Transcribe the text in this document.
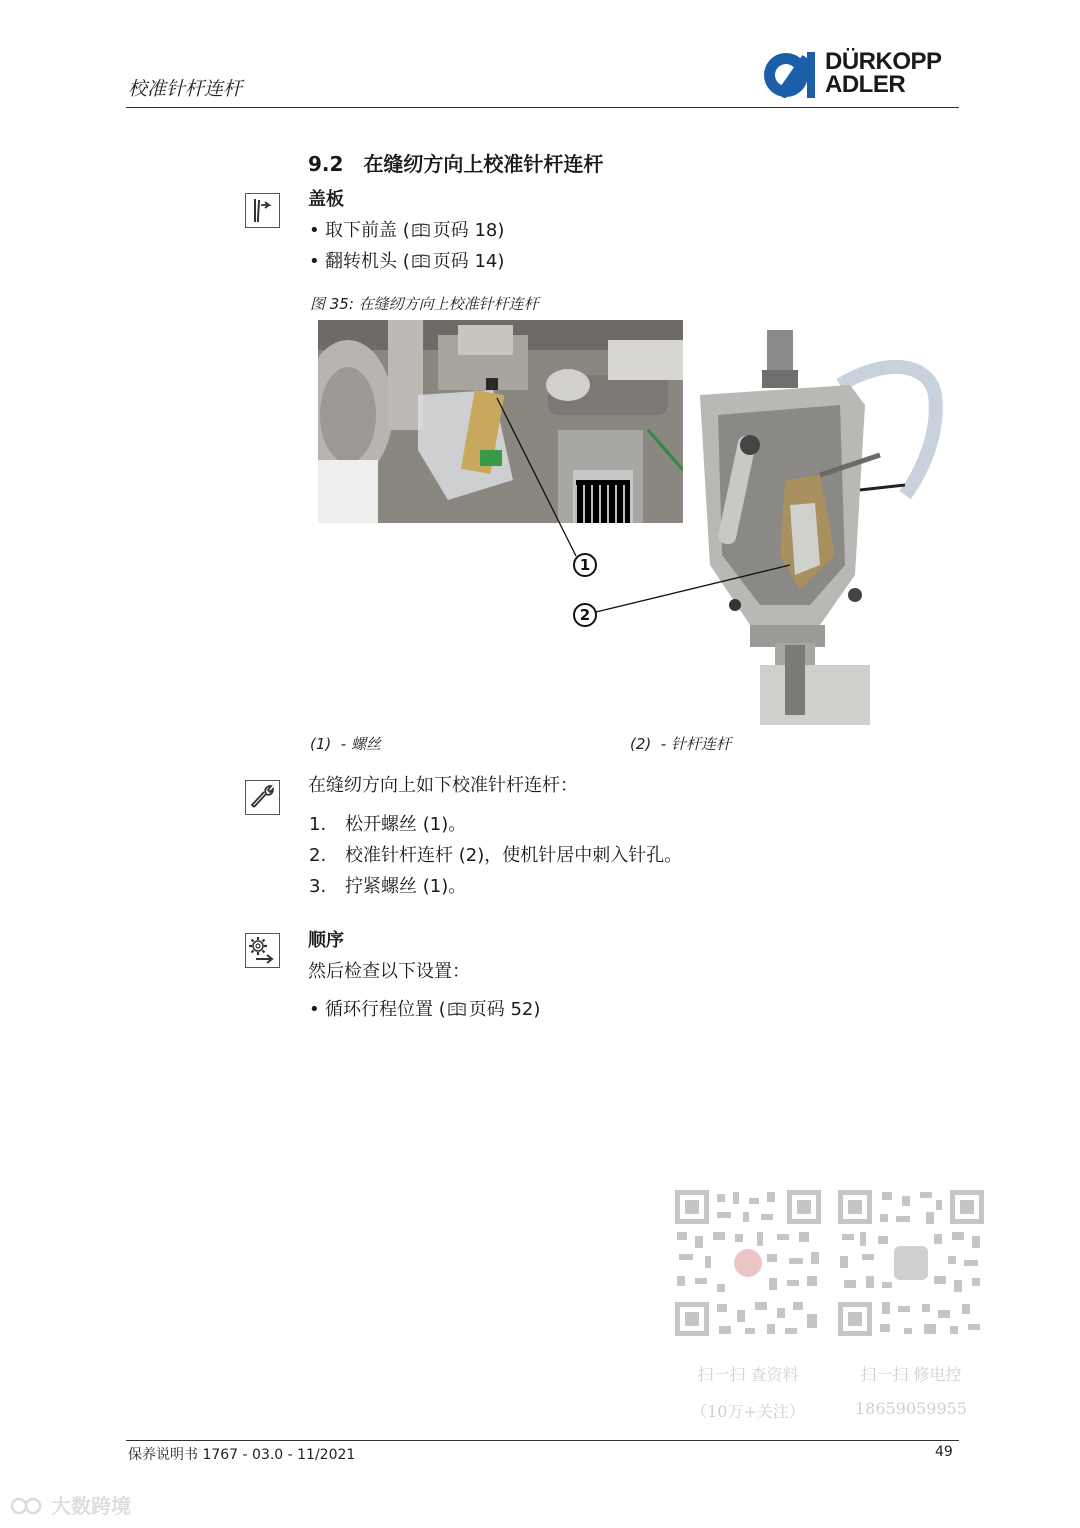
校准针杆连杆
DÜRKOPP
ADLER
9.2 在缝纫方向上校准针杆连杆
盖板
• 取下前盖 ( 页码 18)
• 翻转机头 ( 页码 14)
图 35: 在缝纫方向上校准针杆连杆
1
2
(1) - 螺丝	(2) - 针杆连杆
在缝纫方向上如下校准针杆连杆：
1. 松开螺丝 (1)。
2. 校准针杆连杆 (2)，使机针居中刺入针孔。
3. 拧紧螺丝 (1)。
顺序
然后检查以下设置：
• 循环行程位置 ( 页码 52)
扫一扫 查资料
（10万+关注）
扫一扫 修电控
18659059955
保养说明书 1767 - 03.0 - 11/2021	49
大数跨境
